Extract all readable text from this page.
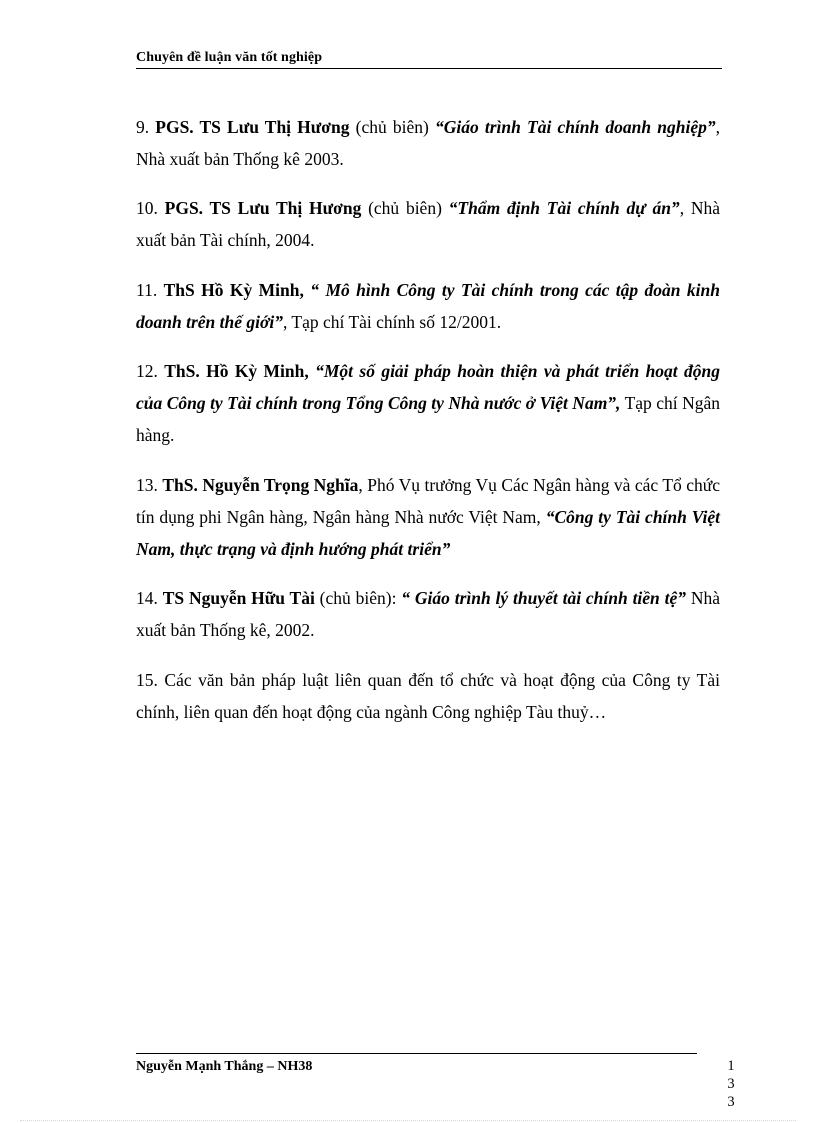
Chuyên đề luận văn tốt nghiệp

9. PGS. TS Lưu Thị Hương (chủ biên) “Giáo trình Tài chính doanh nghiệp”, Nhà xuất bản Thống kê 2003.

10. PGS. TS Lưu Thị Hương (chủ biên) “Thẩm định Tài chính dự án”, Nhà xuất bản Tài chính, 2004.

11. ThS Hồ Kỳ Minh, “ Mô hình Công ty Tài chính trong các tập đoàn kinh doanh trên thế giới”, Tạp chí Tài chính số 12/2001.

12. ThS. Hồ Kỳ Minh, “Một số giải pháp hoàn thiện và phát triển hoạt động của Công ty Tài chính trong Tổng Công ty Nhà nước ở Việt Nam”, Tạp chí Ngân hàng.

13. ThS. Nguyễn Trọng Nghĩa, Phó Vụ trưởng Vụ Các Ngân hàng và các Tổ chức tín dụng phi Ngân hàng, Ngân hàng Nhà nước Việt Nam, “Công ty Tài chính Việt Nam, thực trạng và định hướng phát triển”

14. TS Nguyễn Hữu Tài (chủ biên): “ Giáo trình lý thuyết tài chính tiền tệ” Nhà xuất bản Thống kê, 2002.

15. Các văn bản pháp luật liên quan đến tổ chức và hoạt động của Công ty Tài chính, liên quan đến hoạt động của ngành Công nghiệp Tàu thuỷ…

Nguyễn Mạnh Thắng – NH38	1
3
3
